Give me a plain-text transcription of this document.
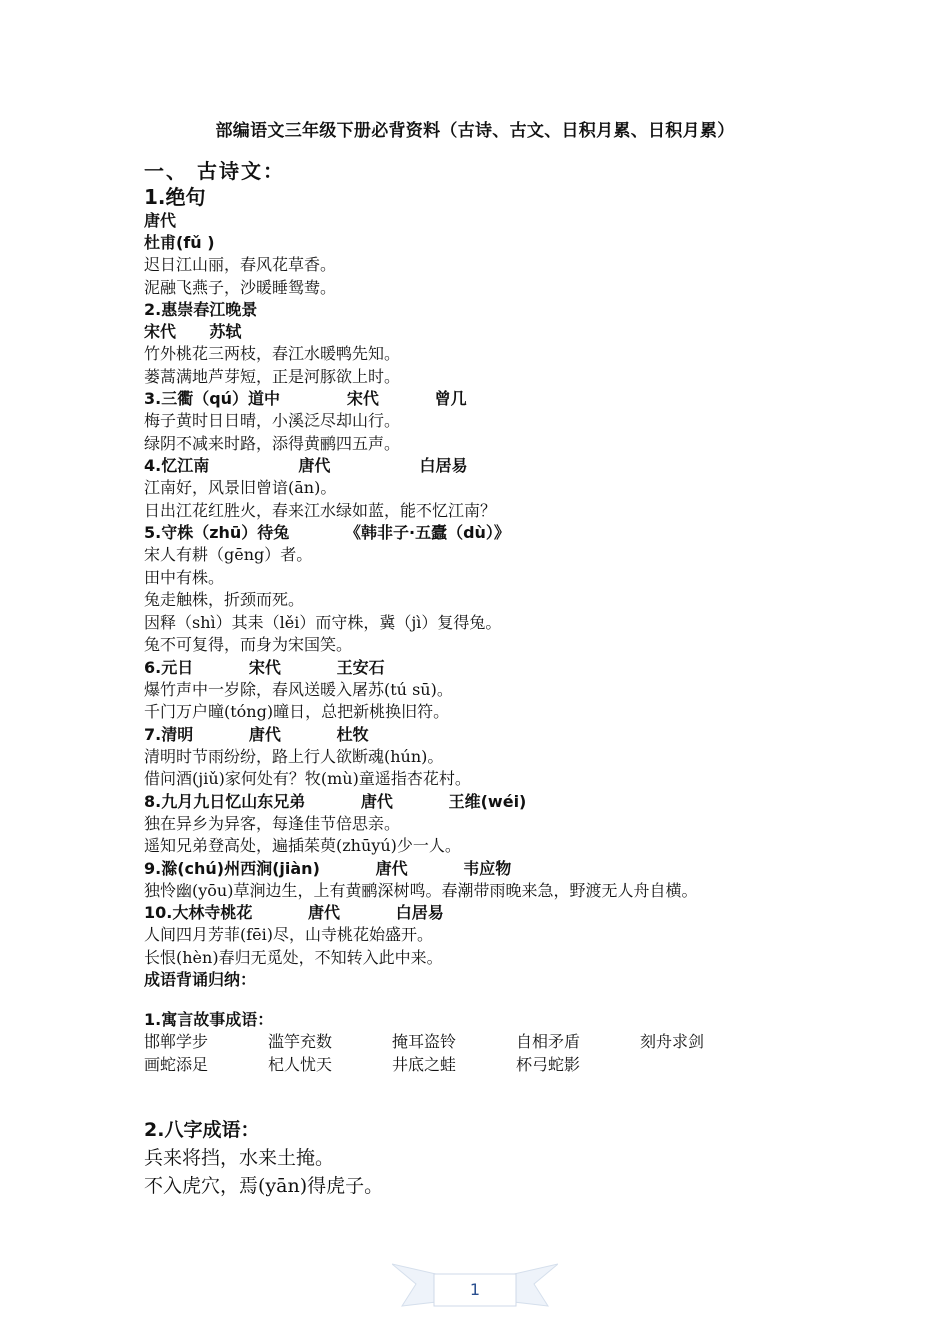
部编语文三年级下册必背资料（古诗、古文、日积月累、日积月累）
一、 古诗文：
1.绝句
唐代
杜甫(fǔ )
迟日江山丽，春风花草香。
泥融飞燕子，沙暖睡鸳鸯。
2.惠崇春江晚景
宋代      苏轼
竹外桃花三两枝，春江水暖鸭先知。
蒌蒿满地芦芽短，正是河豚欲上时。
3.三衢（qú）道中            宋代          曾几
梅子黄时日日晴，小溪泛尽却山行。
绿阴不减来时路，添得黄鹂四五声。
4.忆江南                唐代                白居易
江南好，风景旧曾谙(ān)。
日出江花红胜火，春来江水绿如蓝，能不忆江南？
5.守株（zhū）待兔          《韩非子·五蠹（dù）》
宋人有耕（gēng）者。
田中有株。
兔走触株，折颈而死。
因释（shì）其耒（lěi）而守株，冀（jì）复得兔。
兔不可复得，而身为宋国笑。
6.元日          宋代          王安石
爆竹声中一岁除，春风送暖入屠苏(tú sū)。
千门万户曈(tóng)曈日，总把新桃换旧符。
7.清明          唐代          杜牧
清明时节雨纷纷，路上行人欲断魂(hún)。
借问酒(jiǔ)家何处有？牧(mù)童遥指杏花村。
8.九月九日忆山东兄弟          唐代          王维(wéi)
独在异乡为异客，每逢佳节倍思亲。
遥知兄弟登高处，遍插茱萸(zhūyú)少一人。
9.滁(chú)州西涧(jiàn)          唐代          韦应物
独怜幽(yōu)草涧边生，上有黄鹂深树鸣。春潮带雨晚来急，野渡无人舟自横。
10.大林寺桃花          唐代          白居易
人间四月芳菲(fēi)尽，山寺桃花始盛开。
长恨(hèn)春归无觅处，不知转入此中来。
成语背诵归纳：
1.寓言故事成语：
邯郸学步	滥竽充数	掩耳盗铃	自相矛盾	刻舟求剑
画蛇添足	杞人忧天	井底之蛙	杯弓蛇影
2.八字成语：
兵来将挡，水来土掩。
不入虎穴，焉(yān)得虎子。
1
